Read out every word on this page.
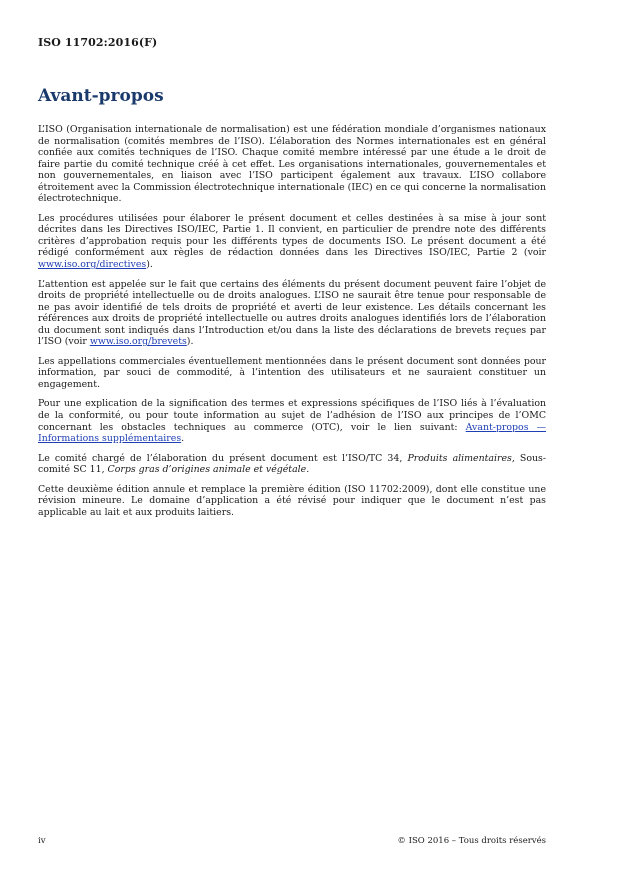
ISO 11702:2016(F)
Avant-propos

L’ISO (Organisation internationale de normalisation) est une fédération mondiale d’organismes nationaux de normalisation (comités membres de l’ISO). L’élaboration des Normes internationales est en général confiée aux comités techniques de l’ISO. Chaque comité membre intéressé par une étude a le droit de faire partie du comité technique créé à cet effet. Les organisations internationales, gouvernementales et non gouvernementales, en liaison avec l’ISO participent également aux travaux. L’ISO collabore étroitement avec la Commission électrotechnique internationale (IEC) en ce qui concerne la normalisation électrotechnique.

Les procédures utilisées pour élaborer le présent document et celles destinées à sa mise à jour sont décrites dans les Directives ISO/IEC, Partie 1. Il convient, en particulier de prendre note des différents critères d’approbation requis pour les différents types de documents ISO. Le présent document a été rédigé conformément aux règles de rédaction données dans les Directives ISO/IEC, Partie 2 (voir www.iso.org/directives).

L’attention est appelée sur le fait que certains des éléments du présent document peuvent faire l’objet de droits de propriété intellectuelle ou de droits analogues. L’ISO ne saurait être tenue pour responsable de ne pas avoir identifié de tels droits de propriété et averti de leur existence. Les détails concernant les références aux droits de propriété intellectuelle ou autres droits analogues identifiés lors de l’élaboration du document sont indiqués dans l’Introduction et/ou dans la liste des déclarations de brevets reçues par l’ISO (voir www.iso.org/brevets).

Les appellations commerciales éventuellement mentionnées dans le présent document sont données pour information, par souci de commodité, à l’intention des utilisateurs et ne sauraient constituer un engagement.

Pour une explication de la signification des termes et expressions spécifiques de l’ISO liés à l’évaluation de la conformité, ou pour toute information au sujet de l’adhésion de l’ISO aux principes de l’OMC concernant les obstacles techniques au commerce (OTC), voir le lien suivant: Avant-propos — Informations supplémentaires.

Le comité chargé de l’élaboration du présent document est l’ISO/TC 34, Produits alimentaires, Sous-comité SC 11, Corps gras d’origines animale et végétale.

Cette deuxième édition annule et remplace la première édition (ISO 11702:2009), dont elle constitue une révision mineure. Le domaine d’application a été révisé pour indiquer que le document n’est pas applicable au lait et aux produits laitiers.

iv	© ISO 2016 – Tous droits réservés
